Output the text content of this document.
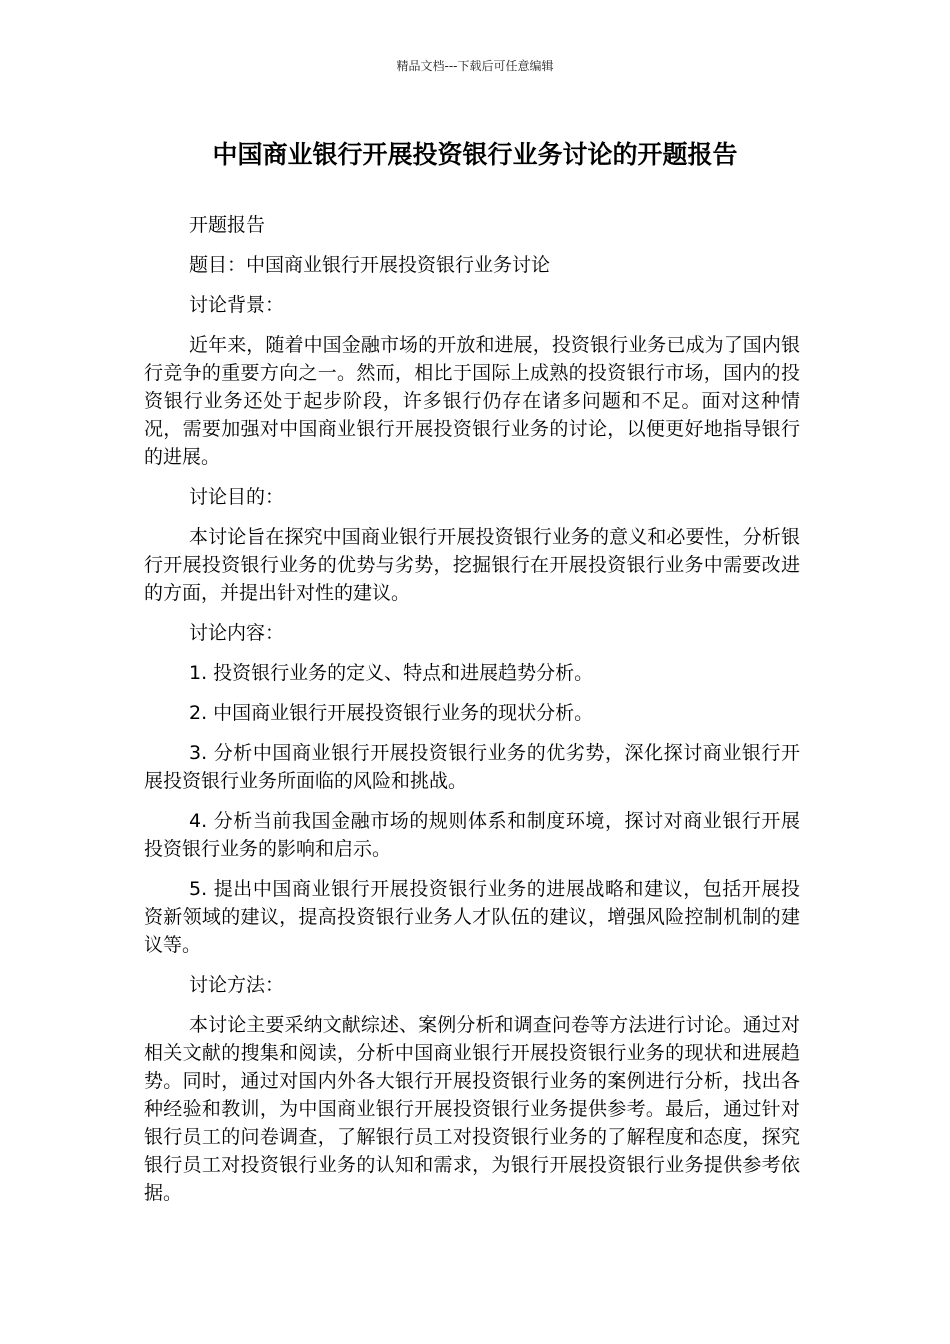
精品文档---下载后可任意编辑
中国商业银行开展投资银行业务讨论的开题报告

开题报告

题目：中国商业银行开展投资银行业务讨论

讨论背景：

近年来，随着中国金融市场的开放和进展，投资银行业务已成为了国内银行竞争的重要方向之一。然而，相比于国际上成熟的投资银行市场，国内的投资银行业务还处于起步阶段，许多银行仍存在诸多问题和不足。面对这种情况，需要加强对中国商业银行开展投资银行业务的讨论，以便更好地指导银行的进展。

讨论目的：

本讨论旨在探究中国商业银行开展投资银行业务的意义和必要性，分析银行开展投资银行业务的优势与劣势，挖掘银行在开展投资银行业务中需要改进的方面，并提出针对性的建议。

讨论内容：

1. 投资银行业务的定义、特点和进展趋势分析。

2. 中国商业银行开展投资银行业务的现状分析。

3. 分析中国商业银行开展投资银行业务的优劣势，深化探讨商业银行开展投资银行业务所面临的风险和挑战。

4. 分析当前我国金融市场的规则体系和制度环境，探讨对商业银行开展投资银行业务的影响和启示。

5. 提出中国商业银行开展投资银行业务的进展战略和建议，包括开展投资新领域的建议，提高投资银行业务人才队伍的建议，增强风险控制机制的建议等。

讨论方法：

本讨论主要采纳文献综述、案例分析和调查问卷等方法进行讨论。通过对相关文献的搜集和阅读，分析中国商业银行开展投资银行业务的现状和进展趋势。同时，通过对国内外各大银行开展投资银行业务的案例进行分析，找出各种经验和教训，为中国商业银行开展投资银行业务提供参考。最后，通过针对银行员工的问卷调查，了解银行员工对投资银行业务的了解程度和态度，探究银行员工对投资银行业务的认知和需求，为银行开展投资银行业务提供参考依据。
